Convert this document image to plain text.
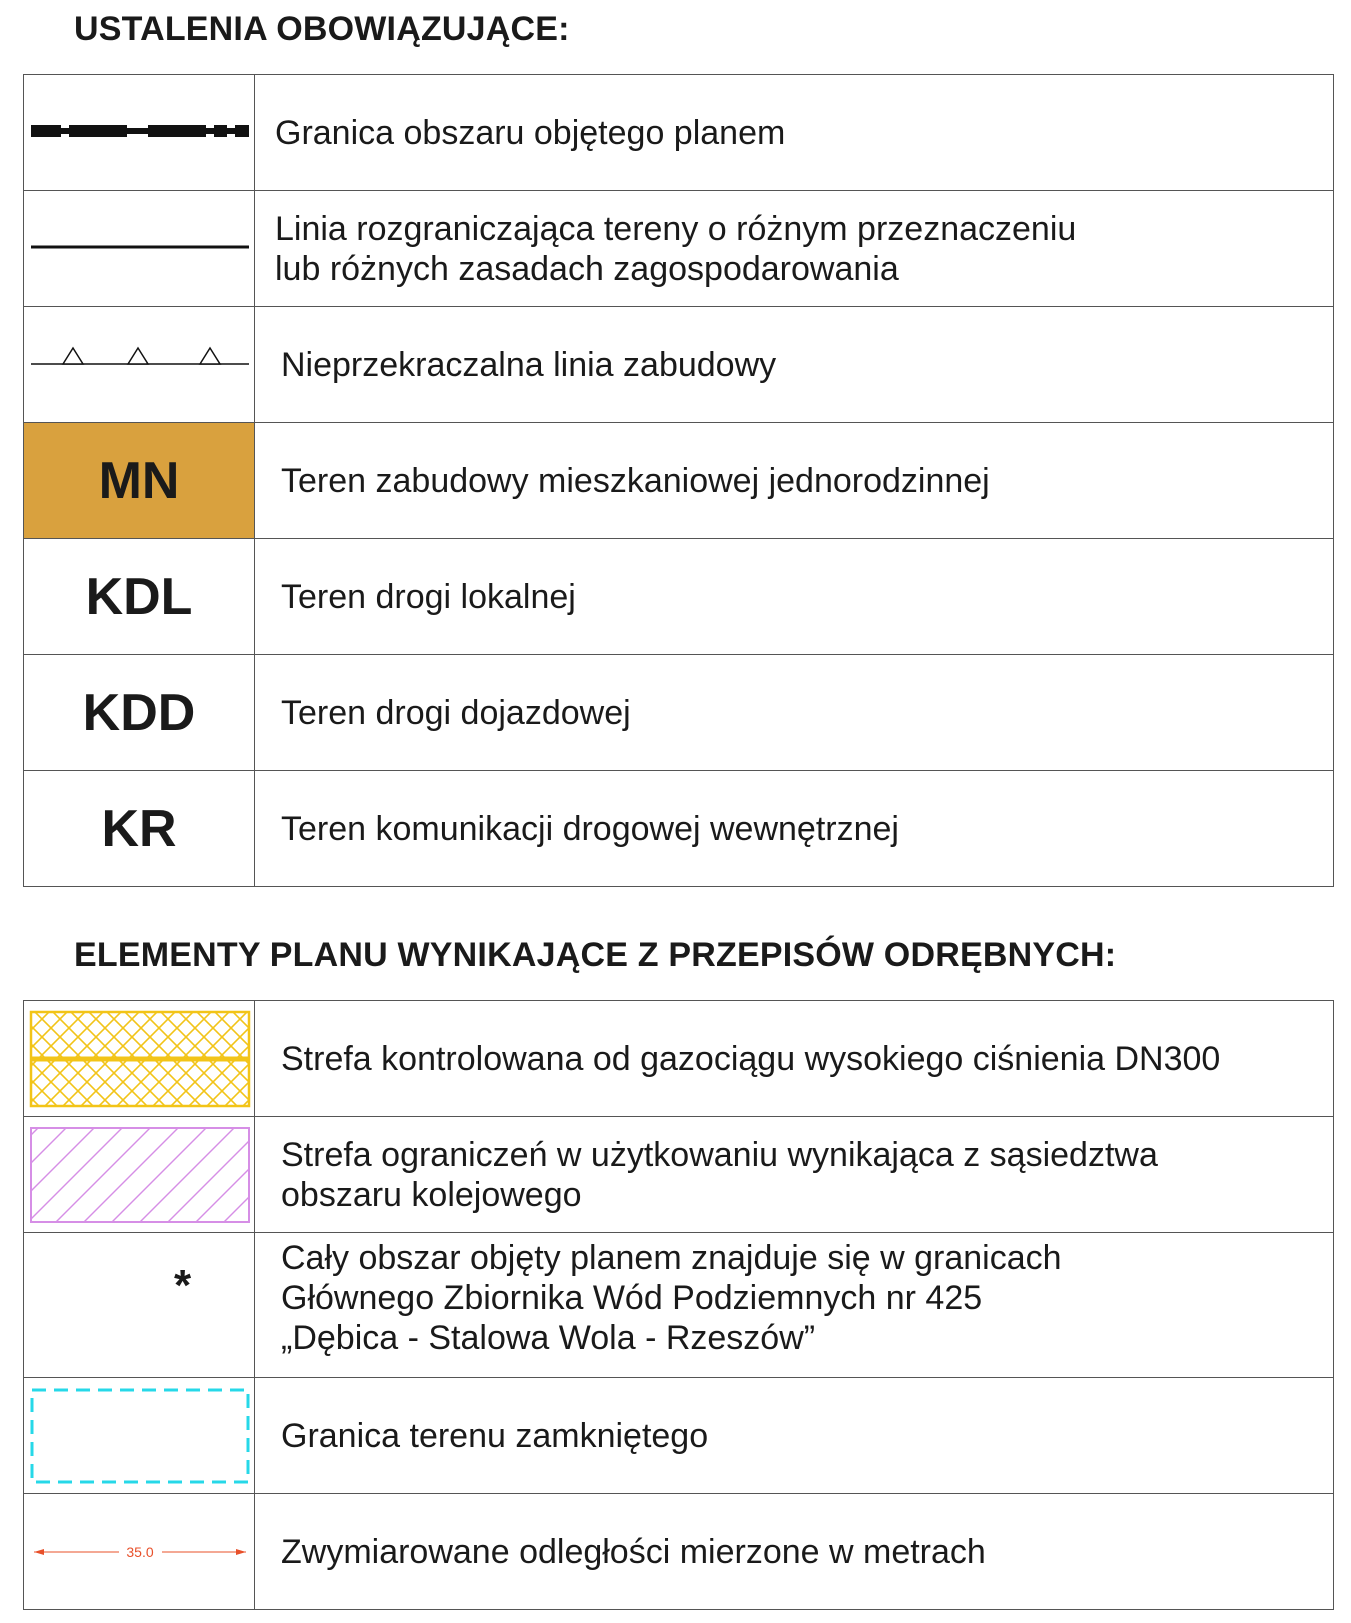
USTALENIA OBOWIĄZUJĄCE:

Granica obszaru objętego planem

Linia rozgraniczająca tereny o różnym przeznaczeniu
lub różnych zasadach zagospodarowania

Nieprzekraczalna linia zabudowy

MN	Teren zabudowy mieszkaniowej jednorodzinnej

KDL	Teren drogi lokalnej

KDD	Teren drogi dojazdowej

KR	Teren komunikacji drogowej wewnętrznej
ELEMENTY PLANU WYNIKAJĄCE Z PRZEPISÓW ODRĘBNYCH:

Strefa kontrolowana od gazociągu wysokiego ciśnienia DN300

Strefa ograniczeń w użytkowaniu wynikająca z sąsiedztwa
obszaru kolejowego

*	Cały obszar objęty planem znajduje się w granicach
Głównego Zbiornika Wód Podziemnych nr 425
„Dębica - Stalowa Wola - Rzeszów”

Granica terenu zamkniętego

35.0	Zwymiarowane odległości mierzone w metrach
